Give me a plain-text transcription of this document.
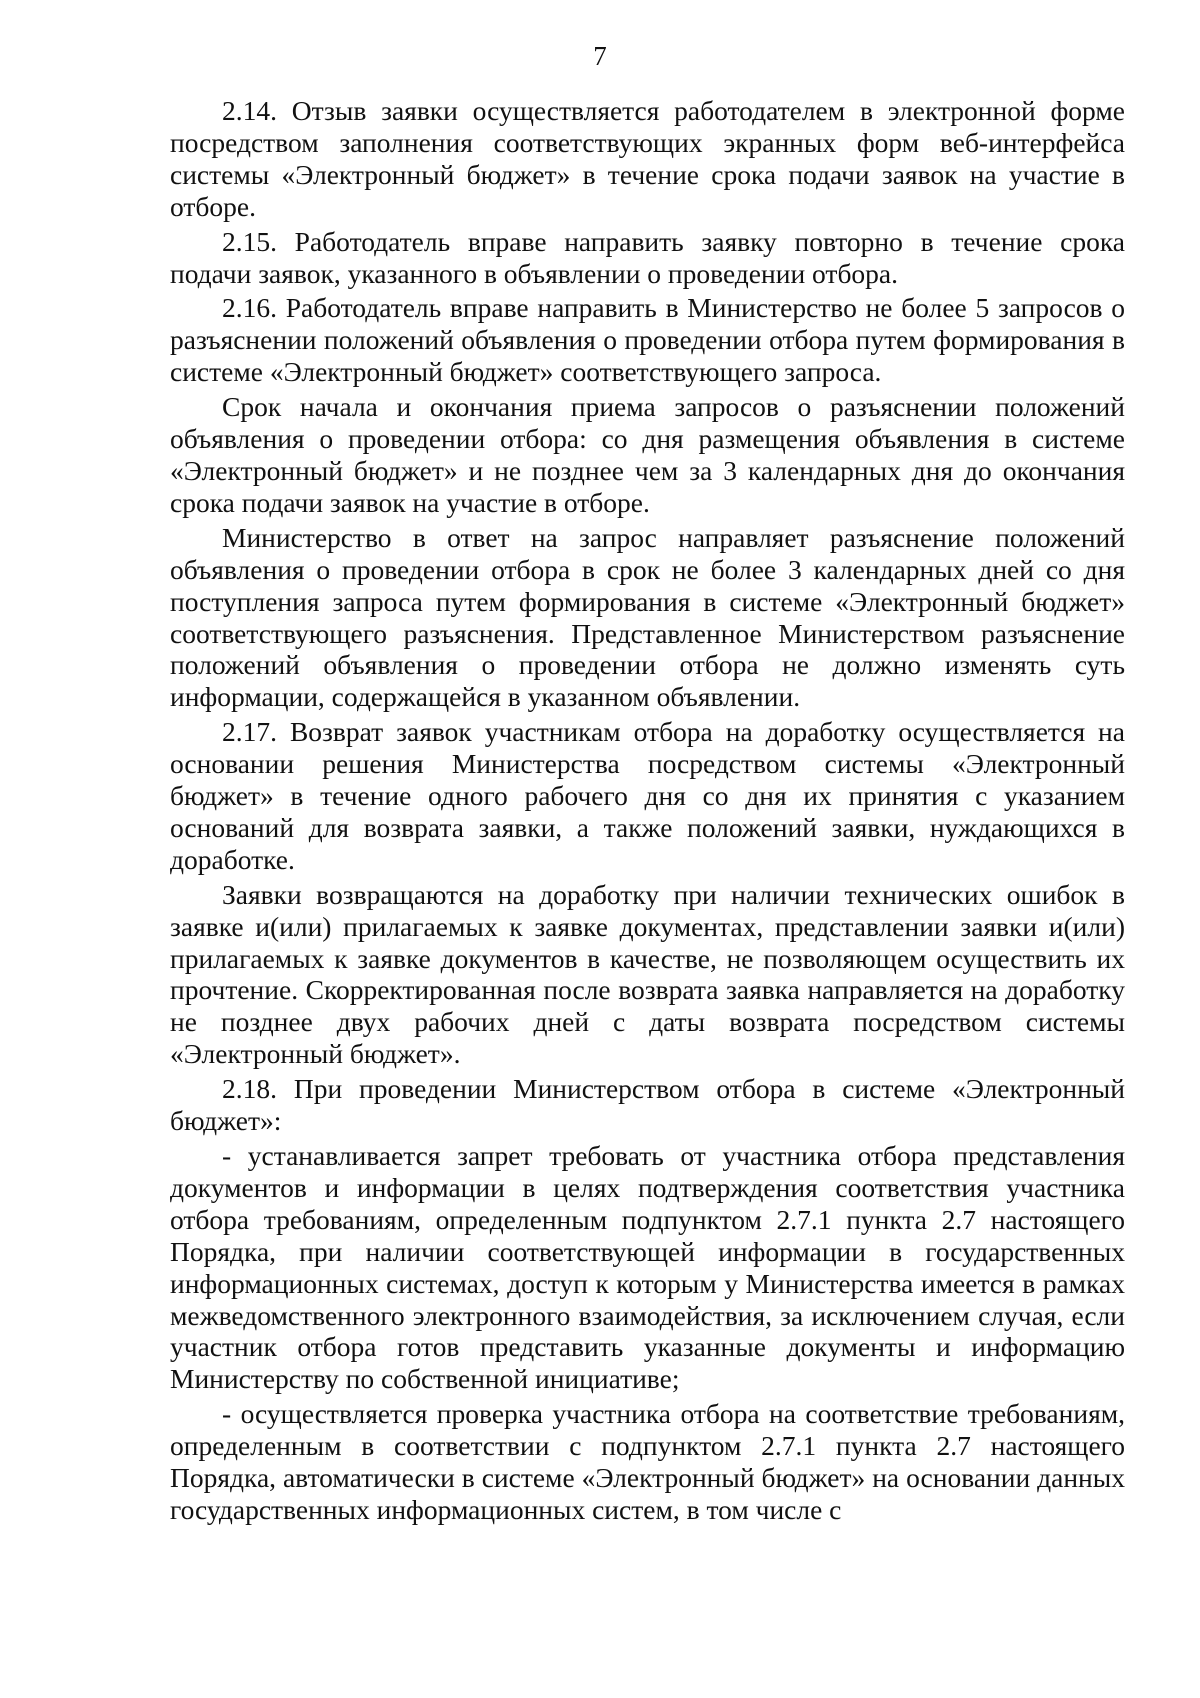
7

2.14. Отзыв заявки осуществляется работодателем в электронной форме посредством заполнения соответствующих экранных форм веб-интерфейса системы «Электронный бюджет» в течение срока подачи заявок на участие в отборе.

2.15. Работодатель вправе направить заявку повторно в течение срока подачи заявок, указанного в объявлении о проведении отбора.

2.16. Работодатель вправе направить в Министерство не более 5 запросов о разъяснении положений объявления о проведении отбора путем формирования в системе «Электронный бюджет» соответствующего запроса.

Срок начала и окончания приема запросов о разъяснении положений объявления о проведении отбора: со дня размещения объявления в системе «Электронный бюджет» и не позднее чем за 3 календарных дня до окончания срока подачи заявок на участие в отборе.

Министерство в ответ на запрос направляет разъяснение положений объявления о проведении отбора в срок не более 3 календарных дней со дня поступления запроса путем формирования в системе «Электронный бюджет» соответствующего разъяснения. Представленное Министерством разъяснение положений объявления о проведении отбора не должно изменять суть информации, содержащейся в указанном объявлении.

2.17. Возврат заявок участникам отбора на доработку осуществляется на основании решения Министерства посредством системы «Электронный бюджет» в течение одного рабочего дня со дня их принятия с указанием оснований для возврата заявки, а также положений заявки, нуждающихся в доработке.

Заявки возвращаются на доработку при наличии технических ошибок в заявке и(или) прилагаемых к заявке документах, представлении заявки и(или) прилагаемых к заявке документов в качестве, не позволяющем осуществить их прочтение. Скорректированная после возврата заявка направляется на доработку не позднее двух рабочих дней с даты возврата посредством системы «Электронный бюджет».

2.18. При проведении Министерством отбора в системе «Электронный бюджет»:

- устанавливается запрет требовать от участника отбора представления документов и информации в целях подтверждения соответствия участника отбора требованиям, определенным подпунктом 2.7.1 пункта 2.7 настоящего Порядка, при наличии соответствующей информации в государственных информационных системах, доступ к которым у Министерства имеется в рамках межведомственного электронного взаимодействия, за исключением случая, если участник отбора готов представить указанные документы и информацию Министерству по собственной инициативе;

- осуществляется проверка участника отбора на соответствие требованиям, определенным в соответствии с подпунктом 2.7.1 пункта 2.7 настоящего Порядка, автоматически в системе «Электронный бюджет» на основании данных государственных информационных систем, в том числе с
